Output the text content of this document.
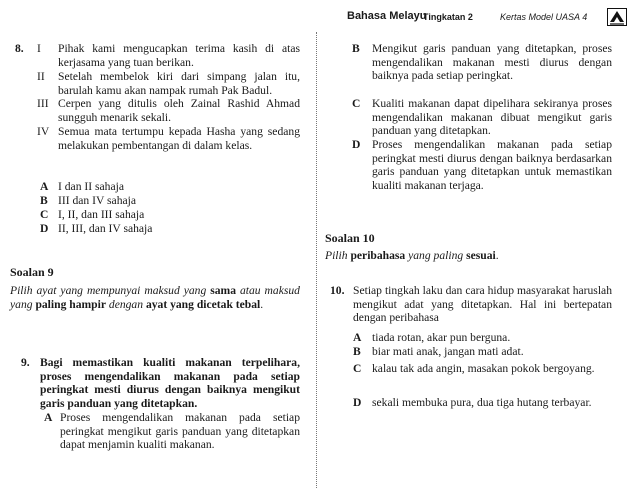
Bahasa Melayu
Tingkatan 2	Kertas Model UASA 4
8. I Pihak kami mengucapkan terima kasih di atas kerjasama yang tuan berikan.
II Setelah membelok kiri dari simpang jalan itu, barulah kamu akan nampak rumah Pak Badul.
III Cerpen yang ditulis oleh Zainal Rashid Ahmad sungguh menarik sekali.
IV Semua mata tertumpu kepada Hasha yang sedang melakukan pembentangan di dalam kelas.
A I dan II sahaja
B III dan IV sahaja
C I, II, dan III sahaja
D II, III, dan IV sahaja
Soalan 9
Pilih ayat yang mempunyai maksud yang sama atau maksud yang paling hampir dengan ayat yang dicetak tebal.
9. Bagi memastikan kualiti makanan terpelihara, proses mengendalikan makanan pada setiap peringkat mesti diurus dengan baiknya mengikut garis panduan yang ditetapkan.
A Proses mengendalikan makanan pada setiap peringkat mengikut garis panduan yang ditetapkan dapat menjamin kualiti makanan.
B Mengikut garis panduan yang ditetapkan, proses mengendalikan makanan mesti diurus dengan baiknya pada setiap peringkat.
C Kualiti makanan dapat dipelihara sekiranya proses mengendalikan makanan dibuat mengikut garis panduan yang ditetapkan.
D Proses mengendalikan makanan pada setiap peringkat mesti diurus dengan baiknya berdasarkan garis panduan yang ditetapkan untuk memastikan kualiti makanan terjaga.
Soalan 10
Pilih peribahasa yang paling sesuai.
10. Setiap tingkah laku dan cara hidup masyarakat haruslah mengikut adat yang ditetapkan. Hal ini bertepatan dengan peribahasa
A tiada rotan, akar pun berguna.
B biar mati anak, jangan mati adat.
C kalau tak ada angin, masakan pokok bergoyang.
D sekali membuka pura, dua tiga hutang terbayar.
